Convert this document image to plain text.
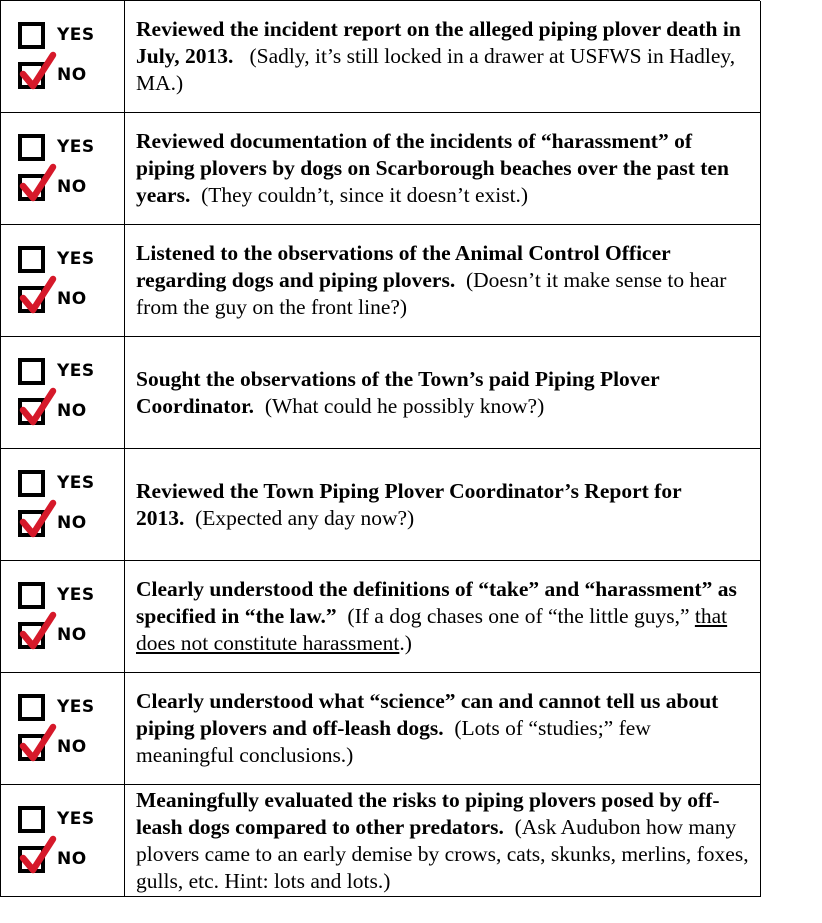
YES
NO

Reviewed the incident report on the alleged piping plover death in July, 2013. (Sadly, it’s still locked in a drawer at USFWS in Hadley, MA.)

YES
NO

Reviewed documentation of the incidents of “harassment” of piping plovers by dogs on Scarborough beaches over the past ten years. (They couldn’t, since it doesn’t exist.)

YES
NO

Listened to the observations of the Animal Control Officer regarding dogs and piping plovers. (Doesn’t it make sense to hear from the guy on the front line?)

YES
NO

Sought the observations of the Town’s paid Piping Plover Coordinator. (What could he possibly know?)

YES
NO

Reviewed the Town Piping Plover Coordinator’s Report for 2013. (Expected any day now?)

YES
NO

Clearly understood the definitions of “take” and “harassment” as specified in “the law.” (If a dog chases one of “the little guys,” that does not constitute harassment.)

YES
NO

Clearly understood what “science” can and cannot tell us about piping plovers and off-leash dogs. (Lots of “studies;” few meaningful conclusions.)

YES
NO

Meaningfully evaluated the risks to piping plovers posed by off-leash dogs compared to other predators. (Ask Audubon how many plovers came to an early demise by crows, cats, skunks, merlins, foxes, gulls, etc. Hint: lots and lots.)
